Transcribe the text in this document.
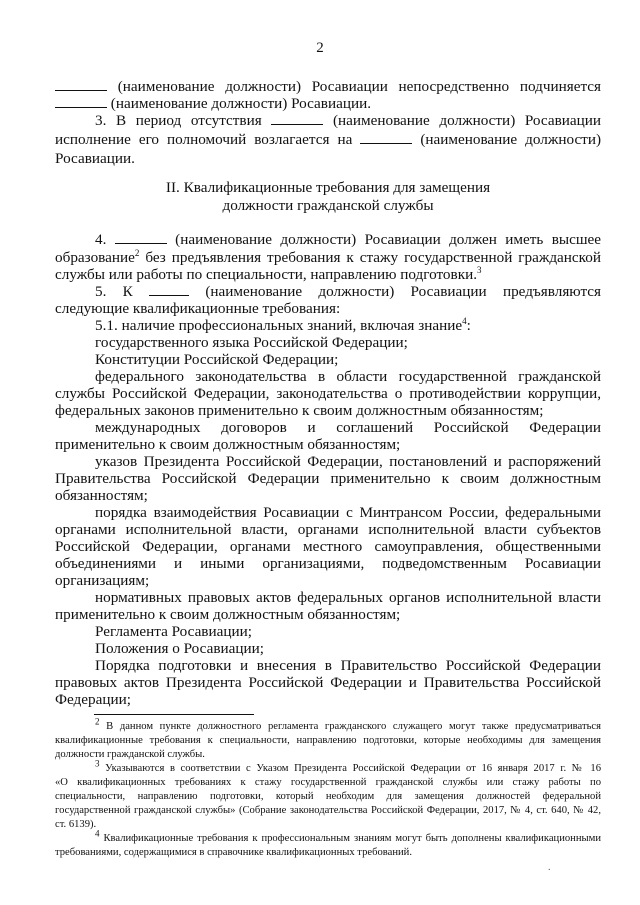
2
(наименование должности) Росавиации непосредственно подчиняется
(наименование должности) Росавиации.
3. В период отсутствия	(наименование должности) Росавиации
исполнение его полномочий возлагается на	(наименование должности)
Росавиации.
II. Квалификационные требования для замещения
должности гражданской службы
4.	(наименование должности) Росавиации должен иметь высшее
образование$^2$ без предъявления требования к стажу государственной гражданской
службы или работы по специальности, направлению подготовки.$^3$
5. К	(наименование должности) Росавиации предъявляются
следующие квалификационные требования:
5.1. наличие профессиональных знаний, включая знание$^4$:
государственного языка Российской Федерации;
Конституции Российской Федерации;
федерального законодательства в области государственной гражданской
службы Российской Федерации, законодательства о противодействии коррупции,
федеральных законов применительно к своим должностным обязанностям;
международных договоров и соглашений Российской Федерации
применительно к своим должностным обязанностям;
указов Президента Российской Федерации, постановлений и распоряжений
Правительства Российской Федерации применительно к своим должностным
обязанностям;
порядка взаимодействия Росавиации с Минтрансом России, федеральными
органами исполнительной власти, органами исполнительной власти субъектов
Российской Федерации, органами местного самоуправления, общественными
объединениями и иными организациями, подведомственным Росавиации
организациям;
нормативных правовых актов федеральных органов исполнительной власти
применительно к своим должностным обязанностям;
Регламента Росавиации;
Положения о Росавиации;
Порядка подготовки и внесения в Правительство Российской Федерации
правовых актов Президента Российской Федерации и Правительства Российской
Федерации;
$^2$ В данном пункте должностного регламента гражданского служащего могут также предусматриваться
квалификационные требования к специальности, направлению подготовки, которые необходимы для замещения
должности гражданской службы.
$^3$ Указываются в соответствии с Указом Президента Российской Федерации от 16 января 2017 г. № 16
«О квалификационных требованиях к стажу государственной гражданской службы или стажу работы по
специальности, направлению подготовки, который необходим для замещения должностей федеральной
государственной гражданской службы» (Собрание законодательства Российской Федерации, 2017, № 4, ст. 640, № 42,
ст. 6139).
$^4$ Квалификационные требования к профессиональным знаниям могут быть дополнены квалификационными
требованиями, содержащимися в справочнике квалификационных требований.
.
